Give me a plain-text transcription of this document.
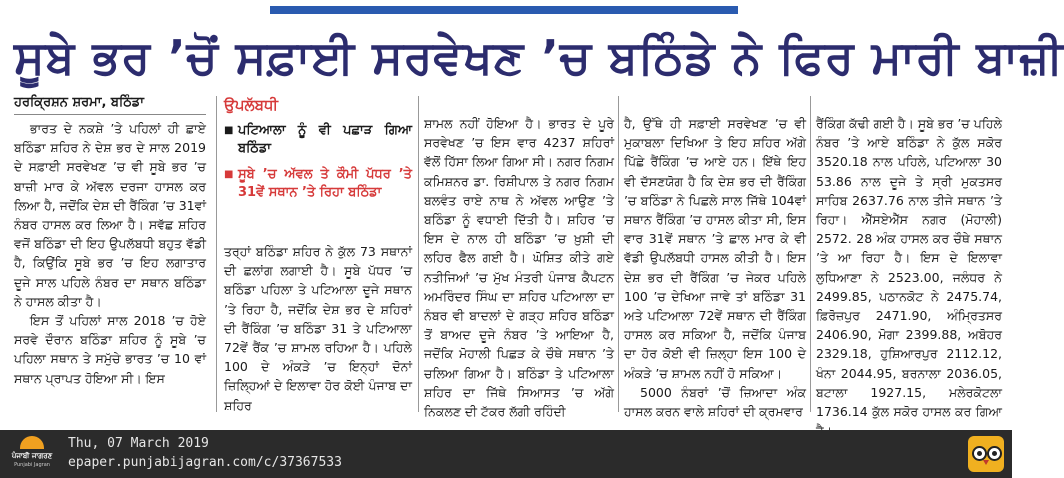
ਸੂਬੇ ਭਰ ’ਚੋਂ ਸਫ਼ਾਈ ਸਰਵੇਖਣ ’ਚ ਬਠਿੰਡੇ ਨੇ ਫਿਰ ਮਾਰੀ ਬਾਜ਼ੀ

ਹਰਕ੍ਰਿਸ਼ਨ ਸ਼ਰਮਾ, ਬਠਿੰਡਾ

ਭਾਰਤ ਦੇ ਨਕਸ਼ੇ ’ਤੇ ਪਹਿਲਾਂ ਹੀ ਛਾਏ ਬਠਿੰਡਾ ਸ਼ਹਿਰ ਨੇ ਦੇਸ਼ ਭਰ ਦੇ ਸਾਲ 2019 ਦੇ ਸਫ਼ਾਈ ਸਰਵੇਖਣ ’ਚ ਵੀ ਸੂਬੇ ਭਰ ’ਚ ਬਾਜ਼ੀ ਮਾਰ ਕੇ ਅੱਵਲ ਦਰਜਾ ਹਾਸਲ ਕਰ ਲਿਆ ਹੈ, ਜਦੋਂਕਿ ਦੇਸ਼ ਦੀ ਰੈਂਕਿੰਗ ’ਚ 31ਵਾਂ ਨੰਬਰ ਹਾਸਲ ਕਰ ਲਿਆ ਹੈ। ਸਵੱਛ ਸ਼ਹਿਰ ਵਜੋਂ ਬਠਿੰਡਾ ਦੀ ਇਹ ਉਪਲੱਬਧੀ ਬਹੁਤ ਵੱਡੀ ਹੈ, ਕਿਉਂਕਿ ਸੂਬੇ ਭਰ ’ਚ ਇਹ ਲਗਾਤਾਰ ਦੂਜੇ ਸਾਲ ਪਹਿਲੇ ਨੰਬਰ ਦਾ ਸਥਾਨ ਬਠਿੰਡਾ ਨੇ ਹਾਸਲ ਕੀਤਾ ਹੈ।

ਇਸ ਤੋਂ ਪਹਿਲਾਂ ਸਾਲ 2018 ’ਚ ਹੋਏ ਸਰਵੇ ਦੌਰਾਨ ਬਠਿੰਡਾ ਸ਼ਹਿਰ ਨੂੰ ਸੂਬੇ ’ਚ ਪਹਿਲਾ ਸਥਾਨ ਤੇ ਸਮੁੱਚੇ ਭਾਰਤ ’ਚ 10 ਵਾਂ ਸਥਾਨ ਪ੍ਰਾਪਤ ਹੋਇਆ ਸੀ। ਇਸ

ਉਪਲੱਬਧੀ
■ ਪਟਿਆਲਾ ਨੂੰ ਵੀ ਪਛਾੜ ਗਿਆ ਬਠਿੰਡਾ
■ ਸੂਬੇ ’ਚ ਅੱਵਲ ਤੇ ਕੌਮੀ ਪੱਧਰ ’ਤੇ 31ਵੇਂ ਸਥਾਨ ’ਤੇ ਰਿਹਾ ਬਠਿੰਡਾ

ਤਰ੍ਹਾਂ ਬਠਿੰਡਾ ਸ਼ਹਿਰ ਨੇ ਕੁੱਲ 73 ਸਥਾਨਾਂ ਦੀ ਛਲਾਂਗ ਲਗਾਈ ਹੈ। ਸੂਬੇ ਪੱਧਰ ’ਚ ਬਠਿੰਡਾ ਪਹਿਲਾ ਤੇ ਪਟਿਆਲਾ ਦੂਜੇ ਸਥਾਨ ’ਤੇ ਰਿਹਾ ਹੈ, ਜਦੋਂਕਿ ਦੇਸ਼ ਭਰ ਦੇ ਸ਼ਹਿਰਾਂ ਦੀ ਰੈਂਕਿੰਗ ’ਚ ਬਠਿੰਡਾ 31 ਤੇ ਪਟਿਆਲਾ 72ਵੇਂ ਰੈਂਕ ’ਚ ਸ਼ਾਮਲ ਰਹਿਆ ਹੈ। ਪਹਿਲੇ 100 ਦੇ ਅੰਕੜੇ ’ਚ ਇਨ੍ਹਾਂ ਦੋਨਾਂ ਜ਼ਿਲ੍ਹਿਆਂ ਦੇ ਇਲਾਵਾ ਹੋਰ ਕੋਈ ਪੰਜਾਬ ਦਾ ਸ਼ਹਿਰ

ਸ਼ਾਮਲ ਨਹੀਂ ਹੋਇਆ ਹੈ। ਭਾਰਤ ਦੇ ਪੂਰੇ ਸਰਵੇਖਣ ’ਚ ਇਸ ਵਾਰ 4237 ਸ਼ਹਿਰਾਂ ਵੱਲੋਂ ਹਿੱਸਾ ਲਿਆ ਗਿਆ ਸੀ। ਨਗਰ ਨਿਗਮ ਕਮਿਸ਼ਨਰ ਡਾ. ਰਿਸ਼ੀਪਾਲ ਤੇ ਨਗਰ ਨਿਗਮ ਬਲਵੰਤ ਰਾਏ ਨਾਥ ਨੇ ਅੱਵਲ ਆਉਣ ’ਤੇ ਬਠਿੰਡਾ ਨੂੰ ਵਧਾਈ ਦਿੱਤੀ ਹੈ। ਸ਼ਹਿਰ ’ਚ ਇਸ ਦੇ ਨਾਲ ਹੀ ਬਠਿੰਡਾ ’ਚ ਖ਼ੁਸ਼ੀ ਦੀ ਲਹਿਰ ਫੈਲ ਗਈ ਹੈ। ਘੋਸ਼ਿਤ ਕੀਤੇ ਗਏ ਨਤੀਜਿਆਂ ’ਚ ਮੁੱਖ ਮੰਤਰੀ ਪੰਜਾਬ ਕੈਪਟਨ ਅਮਰਿੰਦਰ ਸਿੰਘ ਦਾ ਸ਼ਹਿਰ ਪਟਿਆਲਾ ਦਾ ਨੰਬਰ ਵੀ ਬਾਦਲਾਂ ਦੇ ਗੜ੍ਹ ਸ਼ਹਿਰ ਬਠਿੰਡਾ ਤੋਂ ਬਾਅਦ ਦੂਜੇ ਨੰਬਰ ’ਤੇ ਆਇਆ ਹੈ, ਜਦੋਂਕਿ ਮੋਹਾਲੀ ਪਿਛੜ ਕੇ ਚੌਥੇ ਸਥਾਨ ’ਤੇ ਚਲਿਆ ਗਿਆ ਹੈ। ਬਠਿੰਡਾ ਤੇ ਪਟਿਆਲਾ ਸ਼ਹਿਰ ਦਾ ਜਿੱਥੇ ਸਿਆਸਤ ’ਚ ਅੱਗੇ ਨਿਕਲਣ ਦੀ ਟੱਕਰ ਲੱਗੀ ਰਹਿੰਦੀ

ਹੈ, ਉੱਥੇ ਹੀ ਸਫ਼ਾਈ ਸਰਵੇਖਣ ’ਚ ਵੀ ਮੁਕਾਬਲਾ ਦਿਖਿਆ ਤੇ ਇਹ ਸ਼ਹਿਰ ਅੱਗੇ ਪਿੱਛੇ ਰੈਂਕਿੰਗ ’ਚ ਆਏ ਹਨ। ਇੱਥੇ ਇਹ ਵੀ ਦੱਸਣਯੋਗ ਹੈ ਕਿ ਦੇਸ਼ ਭਰ ਦੀ ਰੈਂਕਿੰਗ ’ਚ ਬਠਿੰਡਾ ਨੇ ਪਿਛਲੇ ਸਾਲ ਜਿੱਥੇ 104ਵਾਂ ਸਥਾਨ ਰੈਂਕਿੰਗ ’ਚ ਹਾਸਲ ਕੀਤਾ ਸੀ, ਇਸ ਵਾਰ 31ਵੇਂ ਸਥਾਨ ’ਤੇ ਛਾਲ ਮਾਰ ਕੇ ਵੀ ਵੱਡੀ ਉਪਲੱਬਧੀ ਹਾਸਲ ਕੀਤੀ ਹੈ। ਇਸ ਦੇਸ਼ ਭਰ ਦੀ ਰੈਂਕਿੰਗ ’ਚ ਜੇਕਰ ਪਹਿਲੇ 100 ’ਚ ਦੇਖਿਆ ਜਾਵੇ ਤਾਂ ਬਠਿੰਡਾ 31 ਅਤੇ ਪਟਿਆਲਾ 72ਵੇਂ ਸਥਾਨ ਦੀ ਰੈਂਕਿੰਗ ਹਾਸਲ ਕਰ ਸਕਿਆ ਹੈ, ਜਦੋਂਕਿ ਪੰਜਾਬ ਦਾ ਹੋਰ ਕੋਈ ਵੀ ਜ਼ਿਲ੍ਹਾ ਇਸ 100 ਦੇ ਅੰਕੜੇ ’ਚ ਸ਼ਾਮਲ ਨਹੀਂ ਹੋ ਸਕਿਆ।

5000 ਨੰਬਰਾਂ ’ਚੋਂ ਜ਼ਿਆਦਾ ਅੰਕ ਹਾਸਲ ਕਰਨ ਵਾਲੇ ਸ਼ਹਿਰਾਂ ਦੀ ਕ੍ਰਮਵਾਰ

ਰੈਂਕਿੰਗ ਕੱਢੀ ਗਈ ਹੈ। ਸੂਬੇ ਭਰ ’ਚ ਪਹਿਲੇ ਨੰਬਰ ’ਤੇ ਆਏ ਬਠਿੰਡਾ ਨੇ ਕੁੱਲ ਸਕੋਰ 3520.18 ਨਾਲ ਪਹਿਲੇ, ਪਟਿਆਲਾ 30 53.86 ਨਾਲ ਦੂਜੇ ਤੇ ਸ੍ਰੀ ਮੁਕਤਸਰ ਸਾਹਿਬ 2637.76 ਨਾਲ ਤੀਜੇ ਸਥਾਨ ’ਤੇ ਰਿਹਾ। ਐੱਸਏਐੱਸ ਨਗਰ (ਮੋਹਾਲੀ) 2572. 28 ਅੰਕ ਹਾਸਲ ਕਰ ਚੌਥੇ ਸਥਾਨ ’ਤੇ ਆ ਰਿਹਾ ਹੈ। ਇਸ ਦੇ ਇਲਾਵਾ ਲੁਧਿਆਣਾ ਨੇ 2523.00, ਜਲੰਧਰ ਨੇ 2499.85, ਪਠਾਨਕੋਟ ਨੇ 2475.74, ਫ਼ਿਰੋਜ਼ਪੁਰ 2471.90, ਅੰਮ੍ਰਿਤਸਰ 2406.90, ਮੋਗਾ 2399.88, ਅਬੋਹਰ 2329.18, ਹੁਸ਼ਿਆਰਪੁਰ 2112.12, ਖੰਨਾ 2044.95, ਬਰਨਾਲਾ 2036.05, ਬਟਾਲਾ 1927.15, ਮਲੇਰਕੋਟਲਾ 1736.14 ਕੁੱਲ ਸਕੋਰ ਹਾਸਲ ਕਰ ਗਿਆ

ਪੰਜਾਬੀ ਜਾਗਰਣ
Punjabi Jagran
Thu, 07 March 2019
epaper.punjabijagran.com/c/37367533
